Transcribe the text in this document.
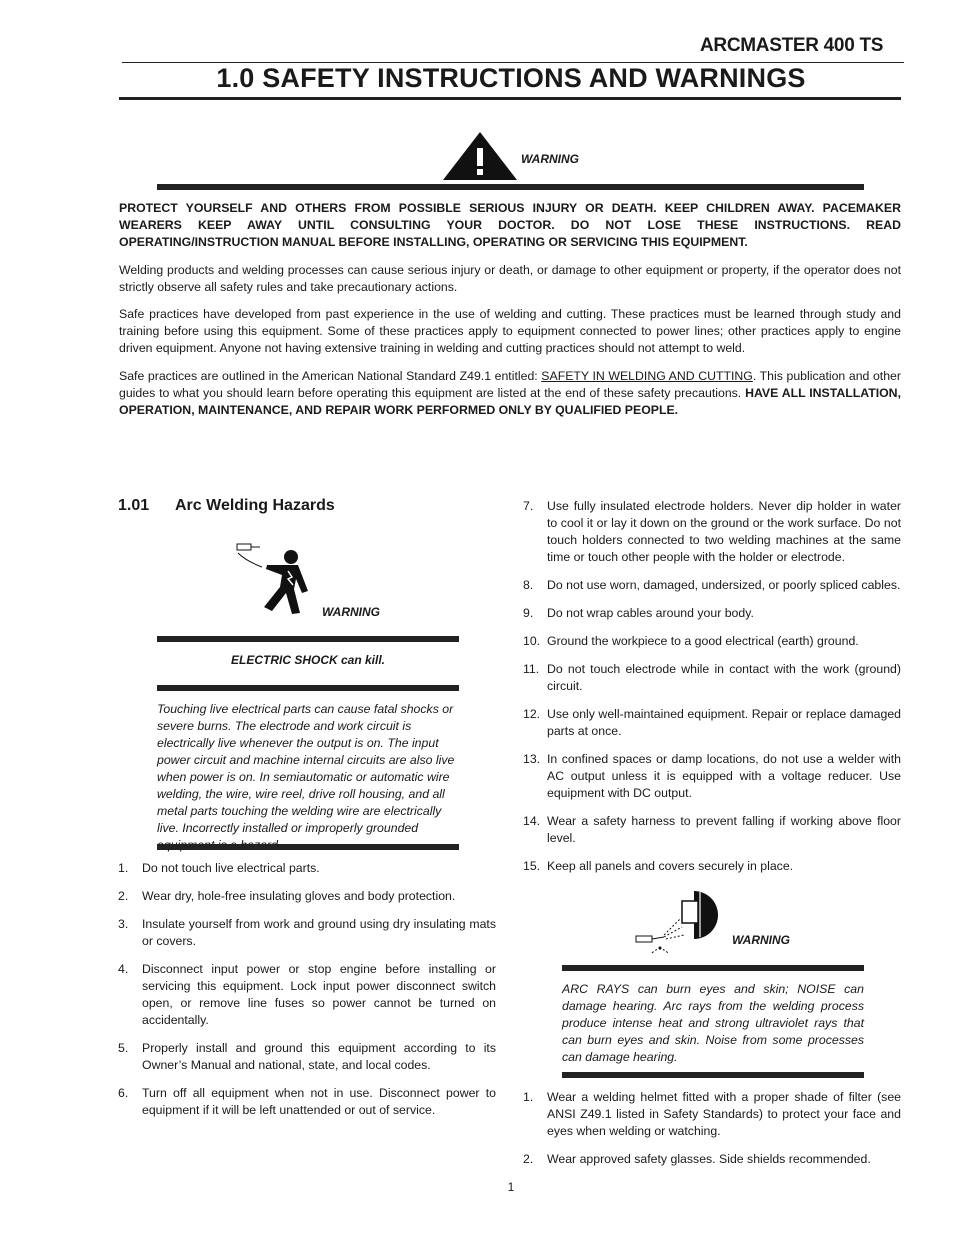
ARCMASTER 400 TS
1.0 SAFETY INSTRUCTIONS AND WARNINGS
WARNING
PROTECT YOURSELF AND OTHERS FROM POSSIBLE SERIOUS INJURY OR DEATH. KEEP CHILDREN AWAY. PACEMAKER WEARERS KEEP AWAY UNTIL CONSULTING YOUR DOCTOR. DO NOT LOSE THESE INSTRUCTIONS. READ OPERATING/INSTRUCTION MANUAL BEFORE INSTALLING, OPERATING OR SERVICING THIS EQUIPMENT.
Welding products and welding processes can cause serious injury or death, or damage to other equipment or property, if the operator does not strictly observe all safety rules and take precautionary actions.
Safe practices have developed from past experience in the use of welding and cutting. These practices must be learned through study and training before using this equipment. Some of these practices apply to equipment connected to power lines; other practices apply to engine driven equipment. Anyone not having extensive training in welding and cutting practices should not attempt to weld.
Safe practices are outlined in the American National Standard Z49.1 entitled: SAFETY IN WELDING AND CUTTING. This publication and other guides to what you should learn before operating this equipment are listed at the end of these safety precautions. HAVE ALL INSTALLATION, OPERATION, MAINTENANCE, AND REPAIR WORK PERFORMED ONLY BY QUALIFIED PEOPLE.
1.01 Arc Welding Hazards
WARNING
ELECTRIC SHOCK can kill.
Touching live electrical parts can cause fatal shocks or severe burns. The electrode and work circuit is electrically live whenever the output is on. The input power circuit and machine internal circuits are also live when power is on. In semiautomatic or automatic wire welding, the wire, wire reel, drive roll housing, and all metal parts touching the welding wire are electrically live. Incorrectly installed or improperly grounded
1. Do not touch live electrical parts.
2. Wear dry, hole-free insulating gloves and body protection.
3. Insulate yourself from work and ground using dry insulating mats or covers.
4. Disconnect input power or stop engine before installing or servicing this equipment. Lock input power disconnect switch open, or remove line fuses so power cannot be turned on accidentally.
5. Properly install and ground this equipment according to its Owner’s Manual and national, state, and local codes.
6. Turn off all equipment when not in use. Disconnect power to equipment if it will be left unattended or out of service.
7. Use fully insulated electrode holders. Never dip holder in water to cool it or lay it down on the ground or the work surface. Do not touch holders connected to two welding machines at the same time or touch other people with the holder or electrode.
8. Do not use worn, damaged, undersized, or poorly spliced cables.
9. Do not wrap cables around your body.
10. Ground the workpiece to a good electrical (earth) ground.
11. Do not touch electrode while in contact with the work (ground) circuit.
12. Use only well-maintained equipment. Repair or replace damaged parts at once.
13. In confined spaces or damp locations, do not use a welder with AC output unless it is equipped with a voltage reducer. Use equipment with DC output.
14. Wear a safety harness to prevent falling if working above floor level.
15. Keep all panels and covers securely in place.
WARNING
ARC RAYS can burn eyes and skin; NOISE can damage hearing. Arc rays from the welding process produce intense heat and strong ultraviolet rays that can burn eyes and skin. Noise from some processes can damage hearing.
1. Wear a welding helmet fitted with a proper shade of filter (see ANSI Z49.1 listed in Safety Standards) to protect your face and eyes when welding or watching.
2. Wear approved safety glasses. Side shields recommended.
1
